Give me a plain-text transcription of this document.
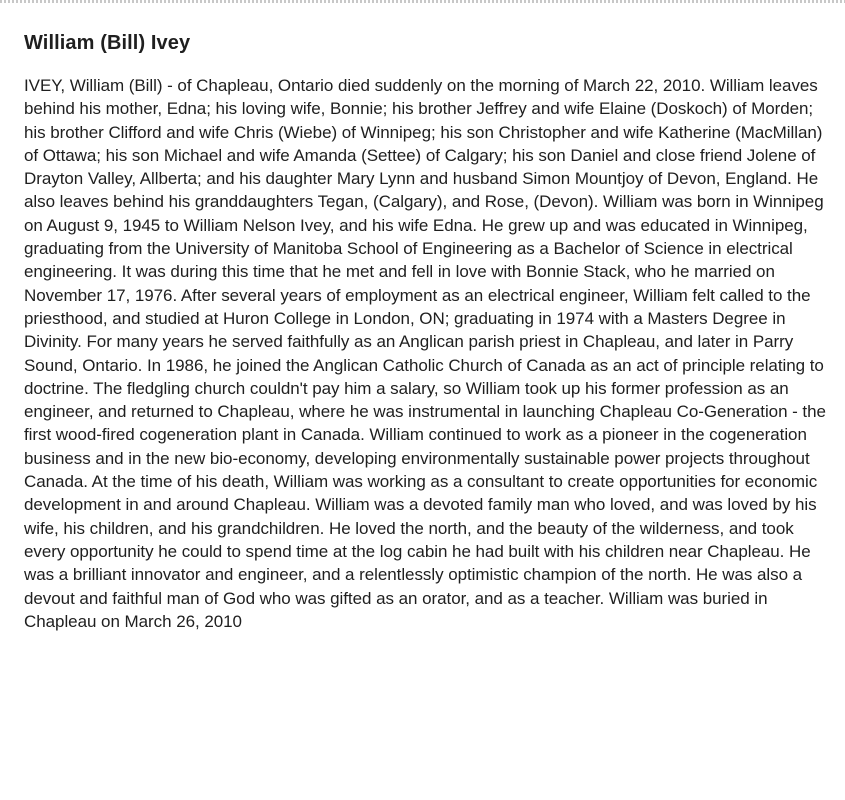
William (Bill) Ivey

IVEY, William (Bill) - of Chapleau, Ontario died suddenly on the morning of March 22, 2010. William leaves behind his mother, Edna; his loving wife, Bonnie; his brother Jeffrey and wife Elaine (Doskoch) of Morden; his brother Clifford and wife Chris (Wiebe) of Winnipeg; his son Christopher and wife Katherine (MacMillan) of Ottawa; his son Michael and wife Amanda (Settee) of Calgary; his son Daniel and close friend Jolene of Drayton Valley, Allberta; and his daughter Mary Lynn and husband Simon Mountjoy of Devon, England. He also leaves behind his granddaughters Tegan, (Calgary), and Rose, (Devon). William was born in Winnipeg on August 9, 1945 to William Nelson Ivey, and his wife Edna. He grew up and was educated in Winnipeg, graduating from the University of Manitoba School of Engineering as a Bachelor of Science in electrical engineering. It was during this time that he met and fell in love with Bonnie Stack, who he married on November 17, 1976. After several years of employment as an electrical engineer, William felt called to the priesthood, and studied at Huron College in London, ON; graduating in 1974 with a Masters Degree in Divinity. For many years he served faithfully as an Anglican parish priest in Chapleau, and later in Parry Sound, Ontario. In 1986, he joined the Anglican Catholic Church of Canada as an act of principle relating to doctrine. The fledgling church couldn't pay him a salary, so William took up his former profession as an engineer, and returned to Chapleau, where he was instrumental in launching Chapleau Co-Generation - the first wood-fired cogeneration plant in Canada. William continued to work as a pioneer in the cogeneration business and in the new bio-economy, developing environmentally sustainable power projects throughout Canada. At the time of his death, William was working as a consultant to create opportunities for economic development in and around Chapleau. William was a devoted family man who loved, and was loved by his wife, his children, and his grandchildren. He loved the north, and the beauty of the wilderness, and took every opportunity he could to spend time at the log cabin he had built with his children near Chapleau. He was a brilliant innovator and engineer, and a relentlessly optimistic champion of the north. He was also a devout and faithful man of God who was gifted as an orator, and as a teacher. William was buried in Chapleau on March 26, 2010
